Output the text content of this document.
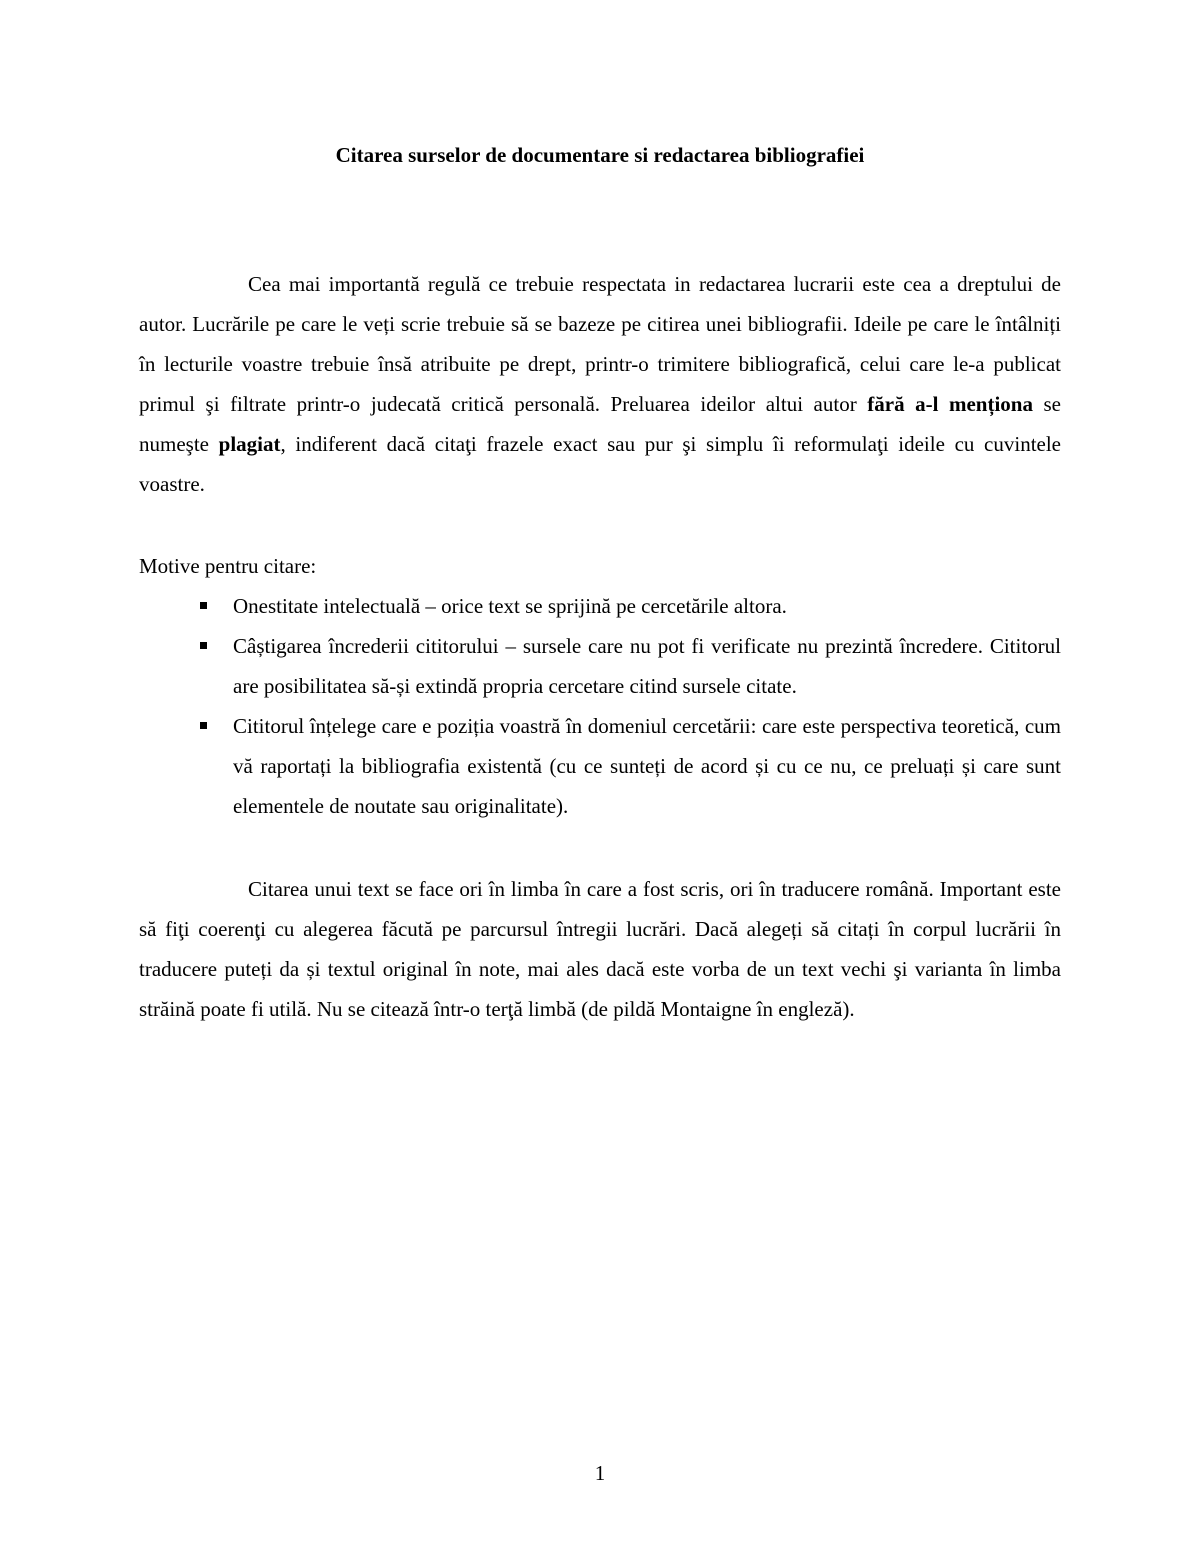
Citarea surselor de documentare si redactarea bibliografiei

Cea mai importantă regulă ce trebuie respectata in redactarea lucrarii este cea a dreptului de autor. Lucrările pe care le veți scrie trebuie să se bazeze pe citirea unei bibliografii. Ideile pe care le întâlniți în lecturile voastre trebuie însă atribuite pe drept, printr-o trimitere bibliografică, celui care le-a publicat primul şi filtrate printr-o judecată critică personală. Preluarea ideilor altui autor fără a-l menționa se numeşte plagiat, indiferent dacă citaţi frazele exact sau pur şi simplu îi reformulaţi ideile cu cuvintele voastre.

Motive pentru citare:

Onestitate intelectuală – orice text se sprijină pe cercetările altora.
Câștigarea încrederii cititorului – sursele care nu pot fi verificate nu prezintă încredere. Cititorul are posibilitatea să-și extindă propria cercetare citind sursele citate.
Cititorul înțelege care e poziția voastră în domeniul cercetării: care este perspectiva teoretică, cum vă raportați la bibliografia existentă (cu ce sunteți de acord și cu ce nu, ce preluați și care sunt elementele de noutate sau originalitate).

Citarea unui text se face ori în limba în care a fost scris, ori în traducere română. Important este să fiţi coerenţi cu alegerea făcută pe parcursul întregii lucrări. Dacă alegeți să citați în corpul lucrării în traducere puteți da și textul original în note, mai ales dacă este vorba de un text vechi şi varianta în limba străină poate fi utilă. Nu se citează într-o terţă limbă (de pildă Montaigne în engleză).

1
